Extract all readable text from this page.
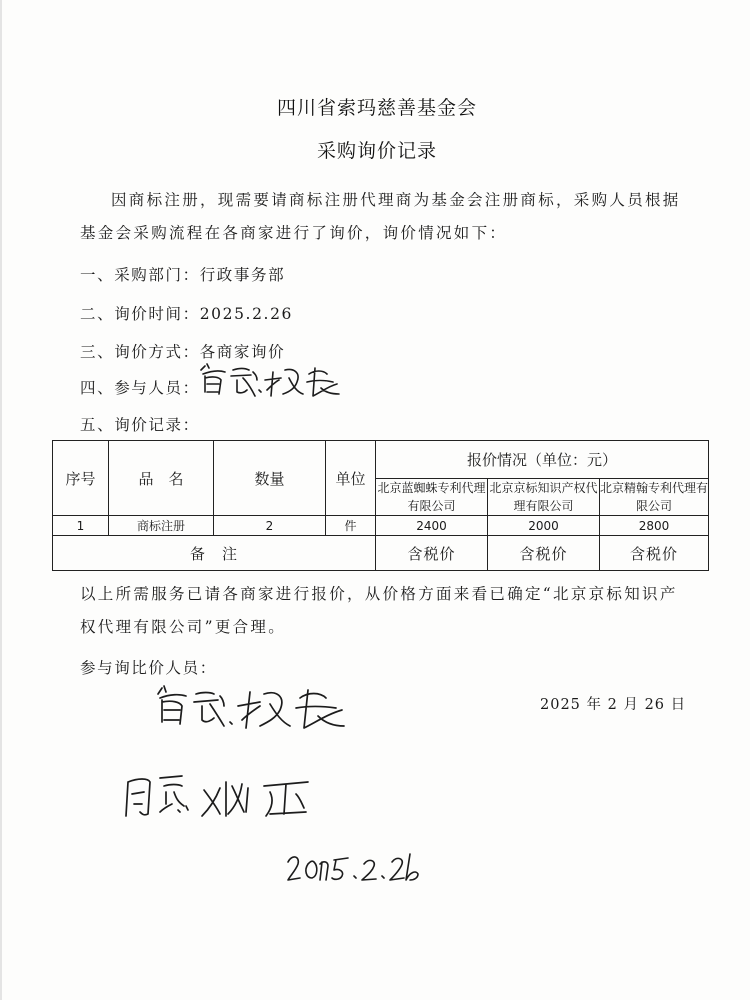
四川省索玛慈善基金会
采购询价记录

因商标注册，现需要请商标注册代理商为基金会注册商标，采购人员根据基金会采购流程在各商家进行了询价，询价情况如下：

一、采购部门：行政事务部
二、询价时间：2025.2.26
三、询价方式：各商家询价
四、参与人员：
五、询价记录：
序号	品　名	数量	单位	报价情况（单位：元）		
				北京蓝蜘蛛专利代理有限公司	北京京标知识产权代理有限公司	北京精翰专利代理有限公司
1	商标注册	2	件	2400	2000	2800
备　注				含税价	含税价	含税价

以上所需服务已请各商家进行报价，从价格方面来看已确定“北京京标知识产权代理有限公司”更合理。

参与询比价人员：
2025 年 2 月 26 日
